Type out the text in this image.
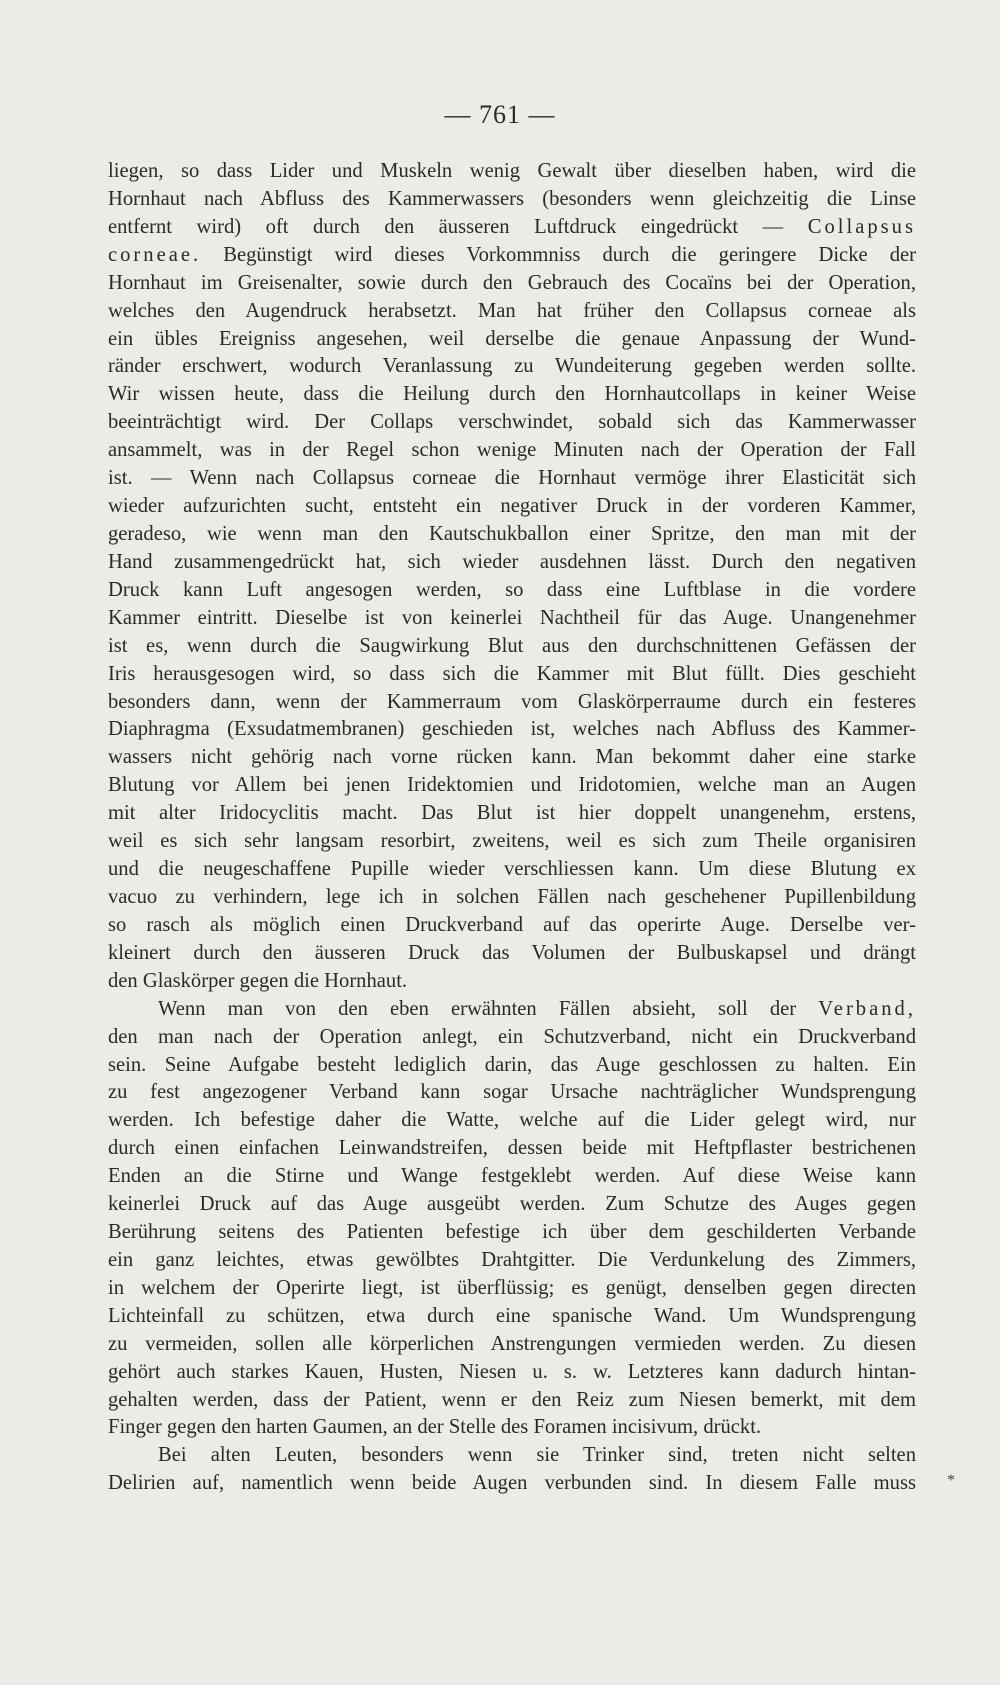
— 761 —
liegen, so dass Lider und Muskeln wenig Gewalt über dieselben haben, wird die
Hornhaut nach Abfluss des Kammerwassers (besonders wenn gleichzeitig die Linse
entfernt wird) oft durch den äusseren Luftdruck eingedrückt — Collapsus
corneae. Begünstigt wird dieses Vorkommniss durch die geringere Dicke der
Hornhaut im Greisenalter, sowie durch den Gebrauch des Cocaïns bei der Operation,
welches den Augendruck herabsetzt. Man hat früher den Collapsus corneae als
ein übles Ereigniss angesehen, weil derselbe die genaue Anpassung der Wund-
ränder erschwert, wodurch Veranlassung zu Wundeiterung gegeben werden sollte.
Wir wissen heute, dass die Heilung durch den Hornhautcollaps in keiner Weise
beeinträchtigt wird. Der Collaps verschwindet, sobald sich das Kammerwasser
ansammelt, was in der Regel schon wenige Minuten nach der Operation der Fall
ist. — Wenn nach Collapsus corneae die Hornhaut vermöge ihrer Elasticität sich
wieder aufzurichten sucht, entsteht ein negativer Druck in der vorderen Kammer,
geradeso, wie wenn man den Kautschukballon einer Spritze, den man mit der
Hand zusammengedrückt hat, sich wieder ausdehnen lässt. Durch den negativen
Druck kann Luft angesogen werden, so dass eine Luftblase in die vordere
Kammer eintritt. Dieselbe ist von keinerlei Nachtheil für das Auge. Unangenehmer
ist es, wenn durch die Saugwirkung Blut aus den durchschnittenen Gefässen der
Iris herausgesogen wird, so dass sich die Kammer mit Blut füllt. Dies geschieht
besonders dann, wenn der Kammerraum vom Glaskörperraume durch ein festeres
Diaphragma (Exsudatmembranen) geschieden ist, welches nach Abfluss des Kammer-
wassers nicht gehörig nach vorne rücken kann. Man bekommt daher eine starke
Blutung vor Allem bei jenen Iridektomien und Iridotomien, welche man an Augen
mit alter Iridocyclitis macht. Das Blut ist hier doppelt unangenehm, erstens,
weil es sich sehr langsam resorbirt, zweitens, weil es sich zum Theile organisiren
und die neugeschaffene Pupille wieder verschliessen kann. Um diese Blutung ex
vacuo zu verhindern, lege ich in solchen Fällen nach geschehener Pupillenbildung
so rasch als möglich einen Druckverband auf das operirte Auge. Derselbe ver-
kleinert durch den äusseren Druck das Volumen der Bulbuskapsel und drängt
den Glaskörper gegen die Hornhaut.
Wenn man von den eben erwähnten Fällen absieht, soll der Verband,
den man nach der Operation anlegt, ein Schutzverband, nicht ein Druckverband
sein. Seine Aufgabe besteht lediglich darin, das Auge geschlossen zu halten. Ein
zu fest angezogener Verband kann sogar Ursache nachträglicher Wundsprengung
werden. Ich befestige daher die Watte, welche auf die Lider gelegt wird, nur
durch einen einfachen Leinwandstreifen, dessen beide mit Heftpflaster bestrichenen
Enden an die Stirne und Wange festgeklebt werden. Auf diese Weise kann
keinerlei Druck auf das Auge ausgeübt werden. Zum Schutze des Auges gegen
Berührung seitens des Patienten befestige ich über dem geschilderten Verbande
ein ganz leichtes, etwas gewölbtes Drahtgitter. Die Verdunkelung des Zimmers,
in welchem der Operirte liegt, ist überflüssig; es genügt, denselben gegen directen
Lichteinfall zu schützen, etwa durch eine spanische Wand. Um Wundsprengung
zu vermeiden, sollen alle körperlichen Anstrengungen vermieden werden. Zu diesen
gehört auch starkes Kauen, Husten, Niesen u. s. w. Letzteres kann dadurch hintan-
gehalten werden, dass der Patient, wenn er den Reiz zum Niesen bemerkt, mit dem
Finger gegen den harten Gaumen, an der Stelle des Foramen incisivum, drückt.
Bei alten Leuten, besonders wenn sie Trinker sind, treten nicht selten
Delirien auf, namentlich wenn beide Augen verbunden sind. In diesem Falle muss *
